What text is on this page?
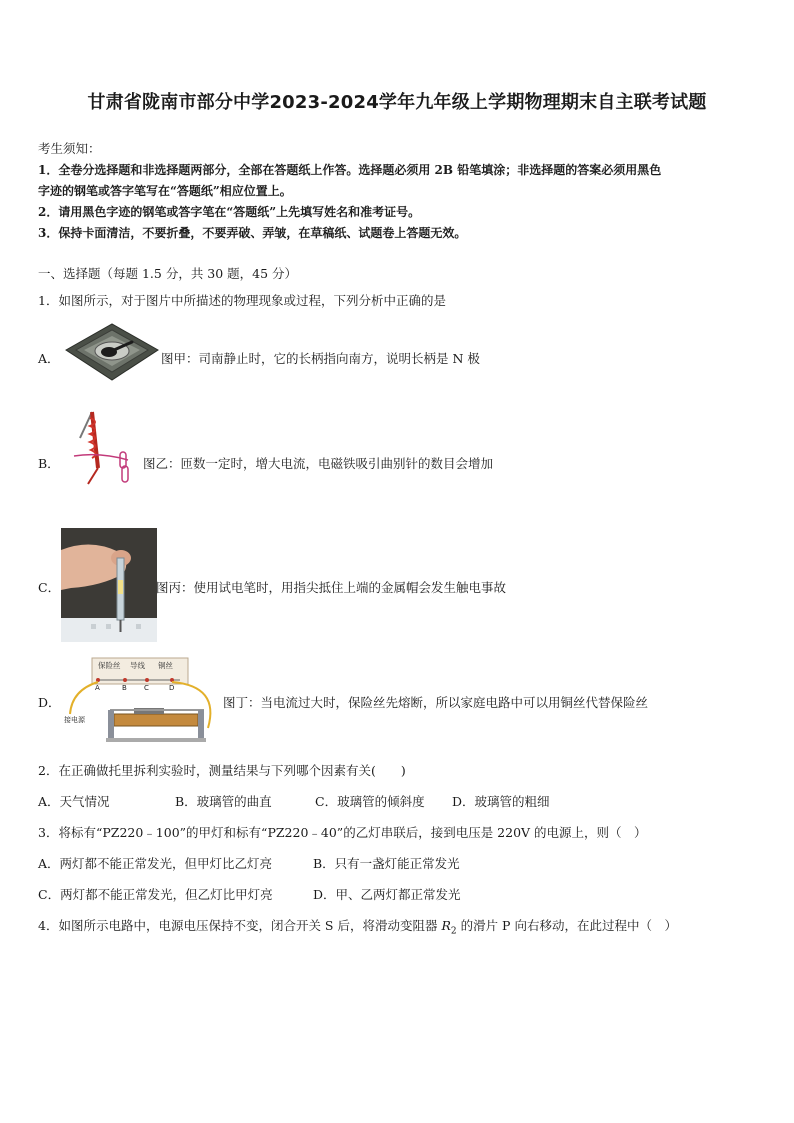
甘肃省陇南市部分中学2023-2024学年九年级上学期物理期末自主联考试题
考生须知：
1．全卷分选择题和非选择题两部分，全部在答题纸上作答。选择题必须用 2B 铅笔填涂；非选择题的答案必须用黑色
字迹的钢笔或答字笔写在“答题纸”相应位置上。
2．请用黑色字迹的钢笔或答字笔在“答题纸”上先填写姓名和准考证号。
3．保持卡面清洁，不要折叠，不要弄破、弄皱，在草稿纸、试题卷上答题无效。
一、选择题（每题 1.5 分，共 30 题，45 分）
1．如图所示，对于图片中所描述的物理现象或过程，下列分析中正确的是
A．	图甲：司南静止时，它的长柄指向南方，说明长柄是 N 极
B．	图乙：匝数一定时，增大电流，电磁铁吸引曲别针的数目会增加
C．	图丙：使用试电笔时，用指尖抵住上端的金属帽会发生触电事故
D．
保险丝 导线 铜丝
A	B C	D
接电源
图丁：当电流过大时，保险丝先熔断，所以家庭电路中可以用铜丝代替保险丝
2．在正确做托里拆利实验时，测量结果与下列哪个因素有关(　　)
A．天气情况	B．玻璃管的曲直	C．玻璃管的倾斜度 D．玻璃管的粗细
3．将标有“PZ220﹣100”的甲灯和标有“PZ220﹣40”的乙灯串联后，接到电压是 220V 的电源上，则（　）
A．两灯都不能正常发光，但甲灯比乙灯亮	B．只有一盏灯能正常发光
C．两灯都不能正常发光，但乙灯比甲灯亮	D．甲、乙两灯都正常发光
4．如图所示电路中，电源电压保持不变，闭合开关 S 后，将滑动变阻器 $R_2$ 的滑片 P 向右移动，在此过程中（　）
